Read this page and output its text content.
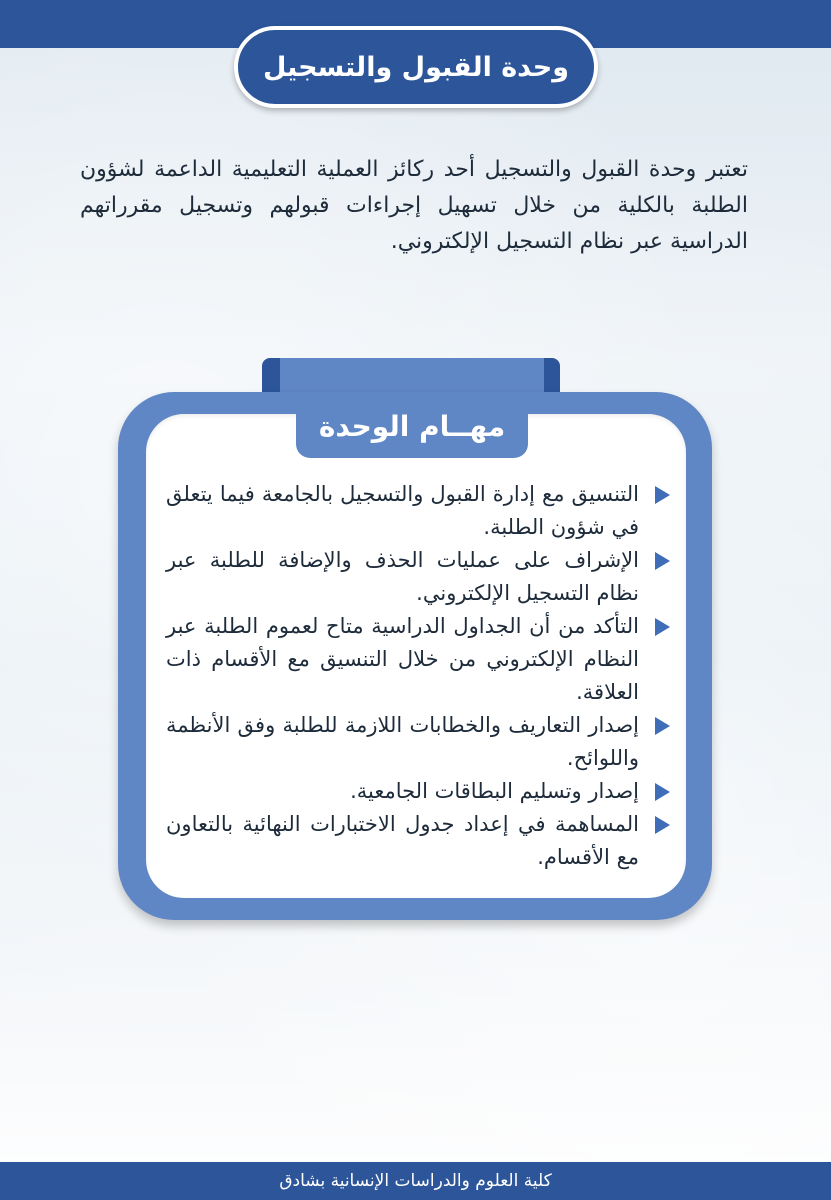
وحدة القبول والتسجيل

تعتبر وحدة القبول والتسجيل أحد ركائز العملية التعليمية الداعمة لشؤون الطلبة بالكلية من خلال تسهيل إجراءات قبولهم وتسجيل مقرراتهم الدراسية عبر نظام التسجيل الإلكتروني.

مهــام الوحدة
التنسيق مع إدارة القبول والتسجيل بالجامعة فيما يتعلق في شؤون الطلبة.
الإشراف على عمليات الحذف والإضافة للطلبة عبر نظام التسجيل الإلكتروني.
التأكد من أن الجداول الدراسية متاح لعموم الطلبة عبر النظام الإلكتروني من خلال التنسيق مع الأقسام ذات العلاقة.
إصدار التعاريف والخطابات اللازمة للطلبة وفق الأنظمة واللوائح.
إصدار وتسليم البطاقات الجامعية.
المساهمة في إعداد جدول الاختبارات النهائية بالتعاون مع الأقسام.
كلية العلوم والدراسات الإنسانية بشادق
